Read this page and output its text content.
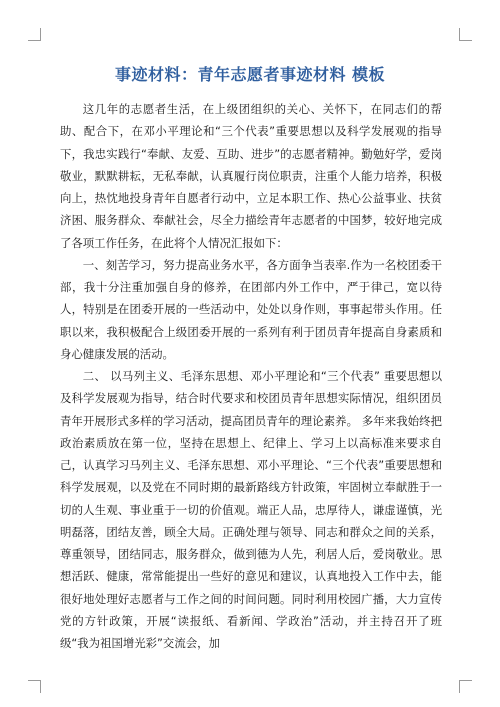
事迹材料：青年志愿者事迹材料 模板

这几年的志愿者生活，在上级团组织的关心、关怀下，在同志们的帮助、配合下，在邓小平理论和“三个代表”重要思想以及科学发展观的指导下，我忠实践行“奉献、友爱、互助、进步”的志愿者精神。勤勉好学，爱岗敬业，默默耕耘，无私奉献，认真履行岗位职责，注重个人能力培养，积极向上，热忱地投身青年自愿者行动中，立足本职工作、热心公益事业、扶贫济困、服务群众、奉献社会，尽全力描绘青年志愿者的中国梦，较好地完成了各项工作任务，在此将个人情况汇报如下：

一、刻苦学习，努力提高业务水平，各方面争当表率.作为一名校团委干部，我十分注重加强自身的修养，在团部内外工作中，严于律己，宽以待人，特别是在团委开展的一些活动中，处处以身作则，事事起带头作用。任职以来，我积极配合上级团委开展的一系列有利于团员青年提高自身素质和身心健康发展的活动。

二、 以马列主义、毛泽东思想、邓小平理论和“三个代表” 重要思想以及科学发展观为指导，结合时代要求和校团员青年思想实际情况，组织团员青年开展形式多样的学习活动，提高团员青年的理论素养。 多年来我始终把政治素质放在第一位，坚持在思想上、纪律上、学习上以高标准来要求自己，认真学习马列主义、毛泽东思想、邓小平理论、“三个代表”重要思想和科学发展观，以及党在不同时期的最新路线方针政策，牢固树立奉献胜于一切的人生观、事业重于一切的价值观。端正人品，忠厚待人，谦虚谨慎，光明磊落，团结友善，顾全大局。正确处理与领导、同志和群众之间的关系，尊重领导，团结同志，服务群众，做到德为人先，利居人后，爱岗敬业。思想活跃、健康，常常能提出一些好的意见和建议，认真地投入工作中去，能很好地处理好志愿者与工作之间的时间问题。同时利用校园广播，大力宣传党的方针政策，开展“读报纸、看新闻、学政治”活动，并主持召开了班级“我为祖国增光彩”交流会，加
